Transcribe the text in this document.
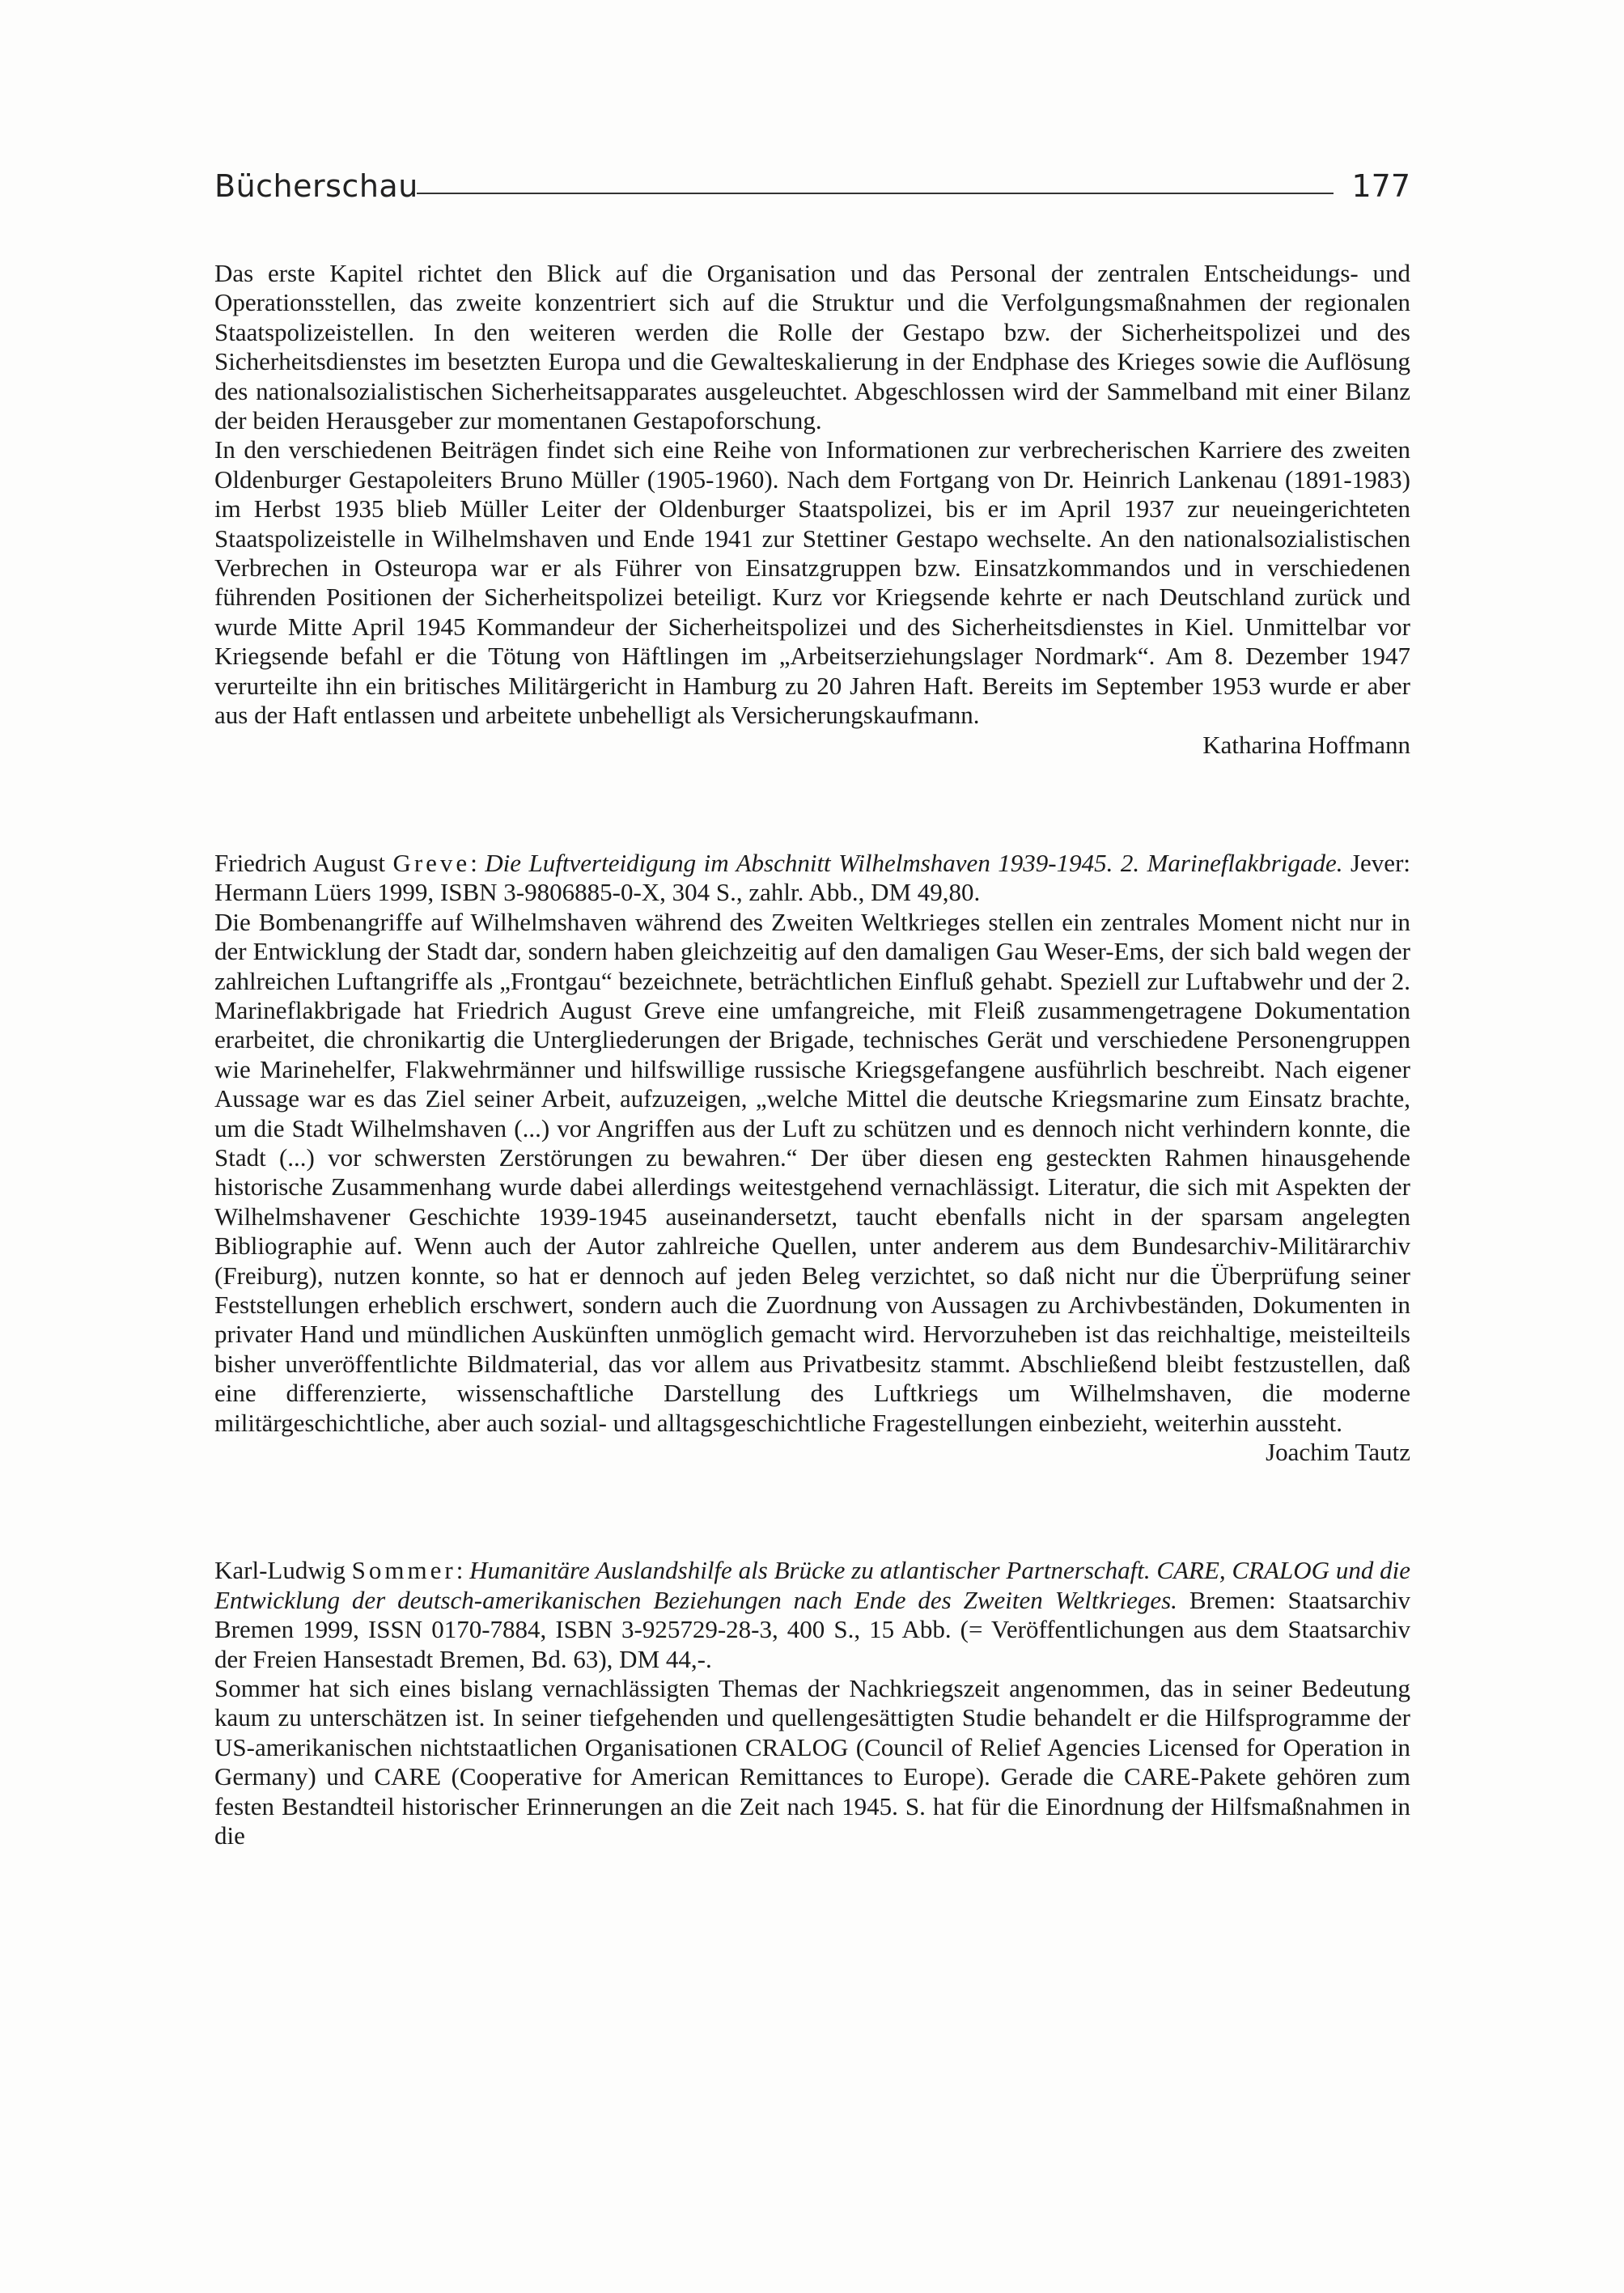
Bücherschau	177

Das erste Kapitel richtet den Blick auf die Organisation und das Personal der zentralen Entscheidungs- und Operationsstellen, das zweite konzentriert sich auf die Struktur und die Verfolgungsmaßnahmen der regionalen Staatspolizeistellen. In den weiteren werden die Rolle der Gestapo bzw. der Sicherheitspolizei und des Sicherheitsdienstes im besetzten Europa und die Gewalteskalierung in der Endphase des Krieges sowie die Auflösung des nationalsozialistischen Sicherheitsapparates ausgeleuchtet. Abgeschlossen wird der Sammelband mit einer Bilanz der beiden Herausgeber zur momentanen Gestapoforschung.

In den verschiedenen Beiträgen findet sich eine Reihe von Informationen zur verbrecherischen Karriere des zweiten Oldenburger Gestapoleiters Bruno Müller (1905-1960). Nach dem Fortgang von Dr. Heinrich Lankenau (1891-1983) im Herbst 1935 blieb Müller Leiter der Oldenburger Staatspolizei, bis er im April 1937 zur neueingerichteten Staatspolizeistelle in Wilhelmshaven und Ende 1941 zur Stettiner Gestapo wechselte. An den nationalsozialistischen Verbrechen in Osteuropa war er als Führer von Einsatzgruppen bzw. Einsatzkommandos und in verschiedenen führenden Positionen der Sicherheitspolizei beteiligt. Kurz vor Kriegsende kehrte er nach Deutschland zurück und wurde Mitte April 1945 Kommandeur der Sicherheitspolizei und des Sicherheitsdienstes in Kiel. Unmittelbar vor Kriegsende befahl er die Tötung von Häftlingen im „Arbeitserziehungslager Nordmark“. Am 8. Dezember 1947 verurteilte ihn ein britisches Militärgericht in Hamburg zu 20 Jahren Haft. Bereits im September 1953 wurde er aber aus der Haft entlassen und arbeitete unbehelligt als Versicherungskaufmann.

Katharina Hoffmann

Friedrich August Greve: Die Luftverteidigung im Abschnitt Wilhelmshaven 1939-1945. 2. Marineflakbrigade. Jever: Hermann Lüers 1999, ISBN 3-9806885-0-X, 304 S., zahlr. Abb., DM 49,80.

Die Bombenangriffe auf Wilhelmshaven während des Zweiten Weltkrieges stellen ein zentrales Moment nicht nur in der Entwicklung der Stadt dar, sondern haben gleichzeitig auf den damaligen Gau Weser-Ems, der sich bald wegen der zahlreichen Luftangriffe als „Frontgau“ bezeichnete, beträchtlichen Einfluß gehabt. Speziell zur Luftabwehr und der 2. Marineflakbrigade hat Friedrich August Greve eine umfangreiche, mit Fleiß zusammengetragene Dokumentation erarbeitet, die chronikartig die Untergliederungen der Brigade, technisches Gerät und verschiedene Personengruppen wie Marinehelfer, Flakwehrmänner und hilfswillige russische Kriegsgefangene ausführlich beschreibt. Nach eigener Aussage war es das Ziel seiner Arbeit, aufzuzeigen, „welche Mittel die deutsche Kriegsmarine zum Einsatz brachte, um die Stadt Wilhelmshaven (...) vor Angriffen aus der Luft zu schützen und es dennoch nicht verhindern konnte, die Stadt (...) vor schwersten Zerstörungen zu bewahren.“ Der über diesen eng gesteckten Rahmen hinausgehende historische Zusammenhang wurde dabei allerdings weitestgehend vernachlässigt. Literatur, die sich mit Aspekten der Wilhelmshavener Geschichte 1939-1945 auseinandersetzt, taucht ebenfalls nicht in der sparsam angelegten Bibliographie auf. Wenn auch der Autor zahlreiche Quellen, unter anderem aus dem Bundesarchiv-Militärarchiv (Freiburg), nutzen konnte, so hat er dennoch auf jeden Beleg verzichtet, so daß nicht nur die Überprüfung seiner Feststellungen erheblich erschwert, sondern auch die Zuordnung von Aussagen zu Archivbeständen, Dokumenten in privater Hand und mündlichen Auskünften unmöglich gemacht wird. Hervorzuheben ist das reichhaltige, meisteilteils bisher unveröffentlichte Bildmaterial, das vor allem aus Privatbesitz stammt. Abschließend bleibt festzustellen, daß eine differenzierte, wissenschaftliche Darstellung des Luftkriegs um Wilhelmshaven, die moderne militärgeschichtliche, aber auch sozial- und alltagsgeschichtliche Fragestellungen einbezieht, weiterhin aussteht.

Joachim Tautz

Karl-Ludwig Sommer: Humanitäre Auslandshilfe als Brücke zu atlantischer Partnerschaft. CARE, CRALOG und die Entwicklung der deutsch-amerikanischen Beziehungen nach Ende des Zweiten Weltkrieges. Bremen: Staatsarchiv Bremen 1999, ISSN 0170-7884, ISBN 3-925729-28-3, 400 S., 15 Abb. (= Veröffentlichungen aus dem Staatsarchiv der Freien Hansestadt Bremen, Bd. 63), DM 44,-.

Sommer hat sich eines bislang vernachlässigten Themas der Nachkriegszeit angenommen, das in seiner Bedeutung kaum zu unterschätzen ist. In seiner tiefgehenden und quellengesättigten Studie behandelt er die Hilfsprogramme der US-amerikanischen nichtstaatlichen Organisationen CRALOG (Council of Relief Agencies Licensed for Operation in Germany) und CARE (Cooperative for American Remittances to Europe). Gerade die CARE-Pakete gehören zum festen Bestandteil historischer Erinnerungen an die Zeit nach 1945. S. hat für die Einordnung der Hilfsmaßnahmen in die
